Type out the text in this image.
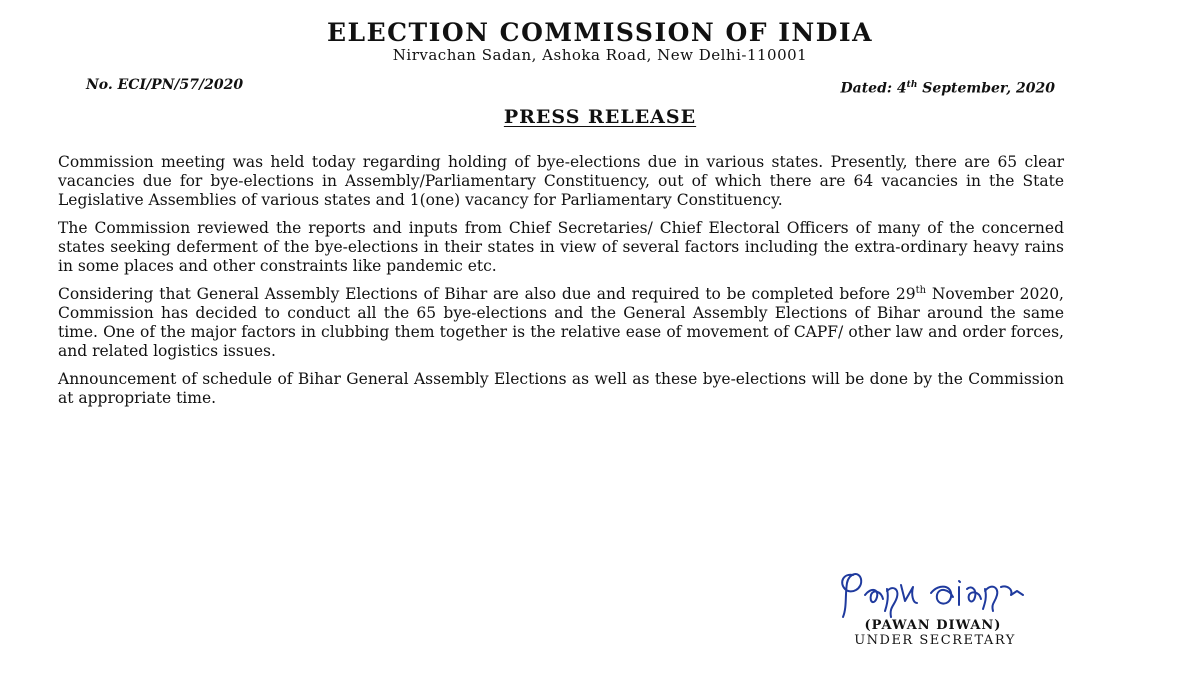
ELECTION COMMISSION OF INDIA
Nirvachan Sadan, Ashoka Road, New Delhi-110001
No. ECI/PN/57/2020	Dated: 4th September, 2020
PRESS RELEASE

Commission meeting was held today regarding holding of bye-elections due in various states. Presently, there are 65 clear vacancies due for bye-elections in Assembly/Parliamentary Constituency, out of which there are 64 vacancies in the State Legislative Assemblies of various states and 1(one) vacancy for Parliamentary Constituency.

The Commission reviewed the reports and inputs from Chief Secretaries/ Chief Electoral Officers of many of the concerned states seeking deferment of the bye-elections in their states in view of several factors including the extra-ordinary heavy rains in some places and other constraints like pandemic etc.

Considering that General Assembly Elections of Bihar are also due and required to be completed before 29th November 2020, Commission has decided to conduct all the 65 bye-elections and the General Assembly Elections of Bihar around the same time. One of the major factors in clubbing them together is the relative ease of movement of CAPF/ other law and order forces, and related logistics issues.

Announcement of schedule of Bihar General Assembly Elections as well as these bye-elections will be done by the Commission at appropriate time.

(PAWAN DIWAN)
UNDER SECRETARY
